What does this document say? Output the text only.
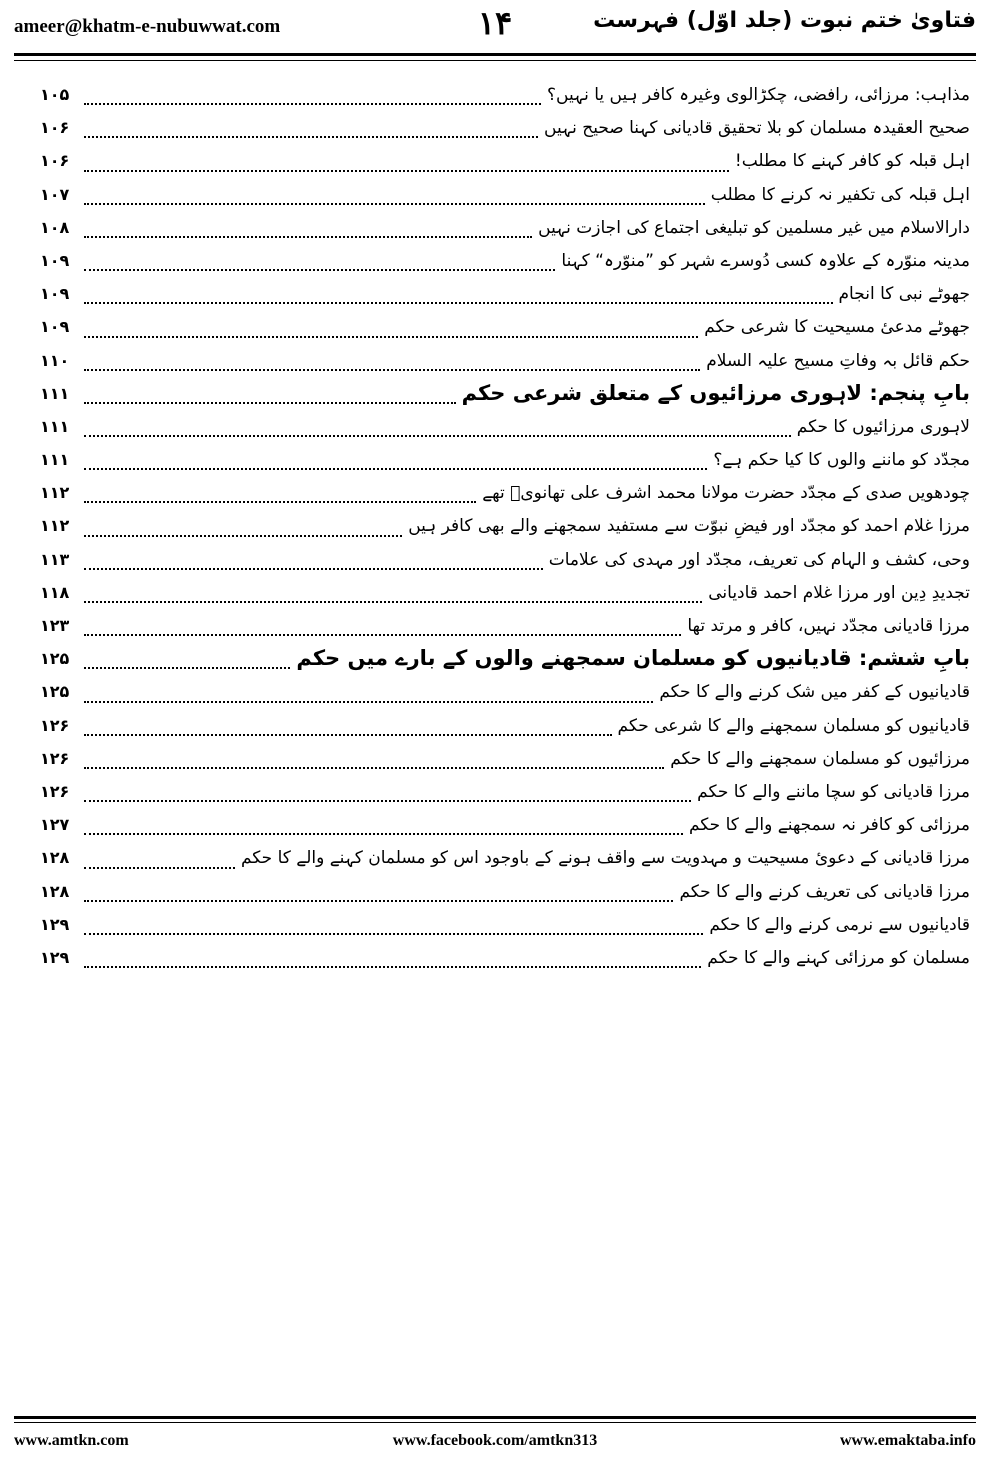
ameer@khatm-e-nubuwwat.com	۱۴	فتاویٰ ختم نبوت (جلد اوّل) فہرست
۱۰۵	مذاہب: مرزائی، رافضی، چکڑالوی وغیرہ کافر ہیں یا نہیں؟
۱۰۶	صحیح العقیدہ مسلمان کو بلا تحقیق قادیانی کہنا صحیح نہیں
۱۰۶	اہل قبلہ کو کافر کہنے کا مطلب!
۱۰۷	اہل قبلہ کی تکفیر نہ کرنے کا مطلب
۱۰۸	دارالاسلام میں غیر مسلمین کو تبلیغی اجتماع کی اجازت نہیں
۱۰۹	مدینہ منوّرہ کے علاوہ کسی دُوسرے شہر کو ”منوّرہ“ کہنا
۱۰۹	جھوٹے نبی کا انجام
۱۰۹	جھوٹے مدعیٔ مسیحیت کا شرعی حکم
۱۱۰	حکم قائل بہ وفاتِ مسیح علیہ السلام
۱۱۱	بابِ پنجم: لاہوری مرزائیوں کے متعلق شرعی حکم
۱۱۱	لاہوری مرزائیوں کا حکم
۱۱۱	مجدّد کو ماننے والوں کا کیا حکم ہے؟
۱۱۲	چودھویں صدی کے مجدّد حضرت مولانا محمد اشرف علی تھانویؒ تھے
۱۱۲	مرزا غلام احمد کو مجدّد اور فیضِ نبوّت سے مستفید سمجھنے والے بھی کافر ہیں
۱۱۳	وحی، کشف و الہام کی تعریف، مجدّد اور مہدی کی علامات
۱۱۸	تجدیدِ دِین اور مرزا غلام احمد قادیانی
۱۲۳	مرزا قادیانی مجدّد نہیں، کافر و مرتد تھا
۱۲۵	بابِ ششم: قادیانیوں کو مسلمان سمجھنے والوں کے بارے میں حکم
۱۲۵	قادیانیوں کے کفر میں شک کرنے والے کا حکم
۱۲۶	قادیانیوں کو مسلمان سمجھنے والے کا شرعی حکم
۱۲۶	مرزائیوں کو مسلمان سمجھنے والے کا حکم
۱۲۶	مرزا قادیانی کو سچا ماننے والے کا حکم
۱۲۷	مرزائی کو کافر نہ سمجھنے والے کا حکم
۱۲۸	مرزا قادیانی کے دعویٔ مسیحیت و مہدویت سے واقف ہونے کے باوجود اس کو مسلمان کہنے والے کا حکم
۱۲۸	مرزا قادیانی کی تعریف کرنے والے کا حکم
۱۲۹	قادیانیوں سے نرمی کرنے والے کا حکم
۱۲۹	مسلمان کو مرزائی کہنے والے کا حکم
www.amtkn.com	www.facebook.com/amtkn313	www.emaktaba.info
